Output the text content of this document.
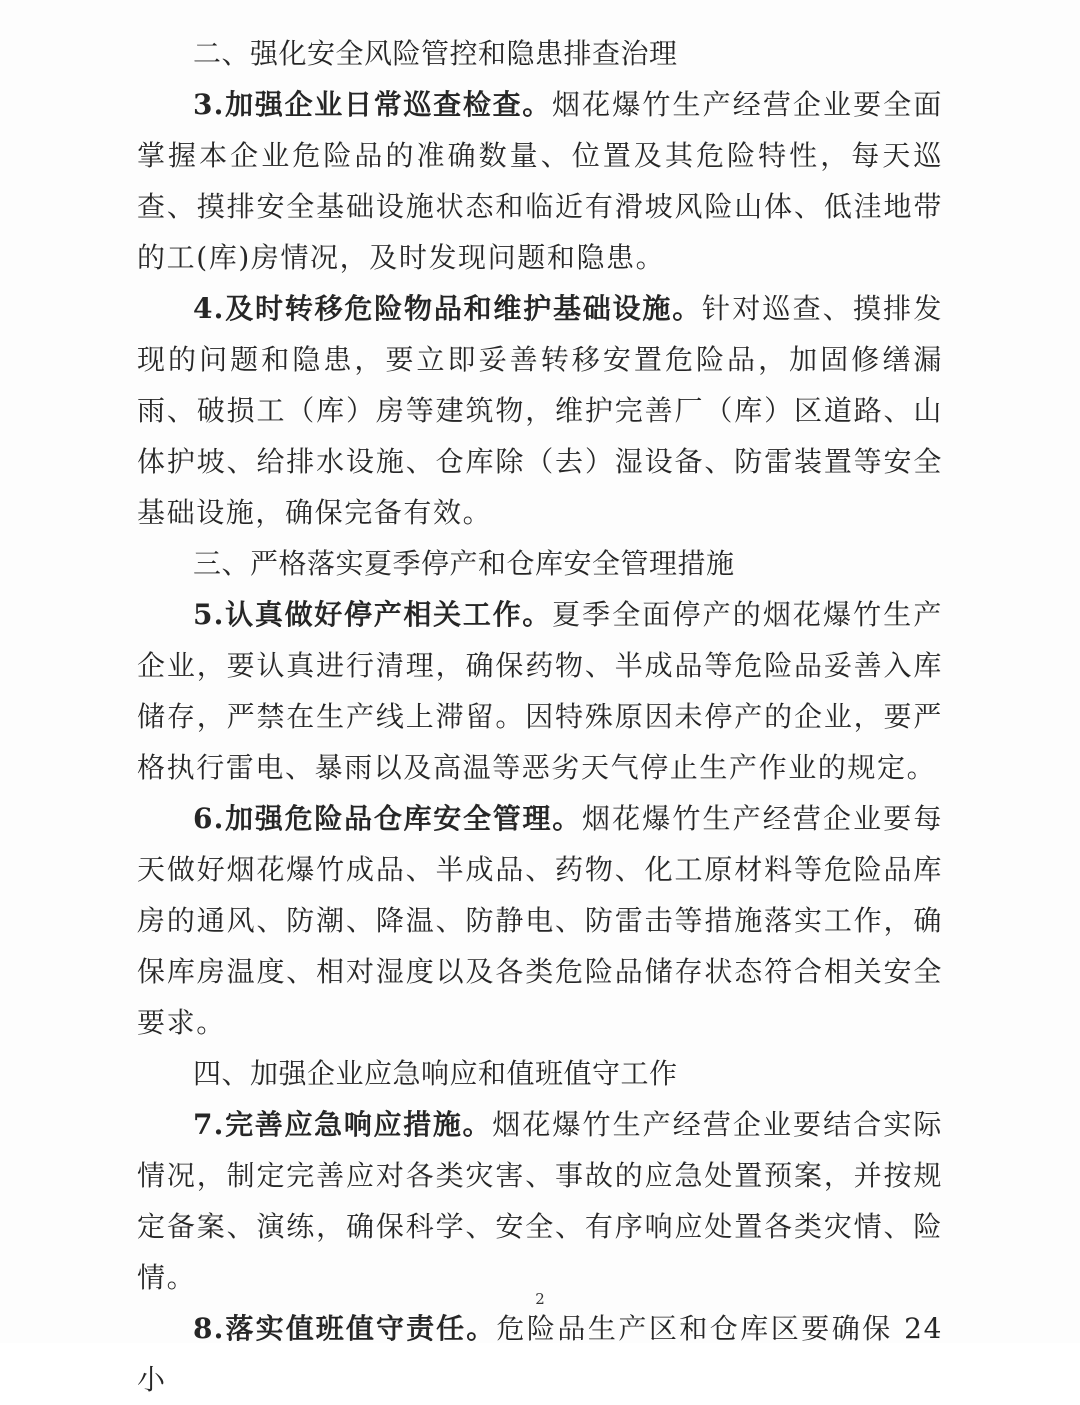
二、强化安全风险管控和隐患排查治理

3.加强企业日常巡查检查。烟花爆竹生产经营企业要全面掌握本企业危险品的准确数量、位置及其危险特性，每天巡查、摸排安全基础设施状态和临近有滑坡风险山体、低洼地带的工(库)房情况，及时发现问题和隐患。

4.及时转移危险物品和维护基础设施。针对巡查、摸排发现的问题和隐患，要立即妥善转移安置危险品，加固修缮漏雨、破损工（库）房等建筑物，维护完善厂（库）区道路、山体护坡、给排水设施、仓库除（去）湿设备、防雷装置等安全基础设施，确保完备有效。

三、严格落实夏季停产和仓库安全管理措施

5.认真做好停产相关工作。夏季全面停产的烟花爆竹生产企业，要认真进行清理，确保药物、半成品等危险品妥善入库储存，严禁在生产线上滞留。因特殊原因未停产的企业，要严格执行雷电、暴雨以及高温等恶劣天气停止生产作业的规定。

6.加强危险品仓库安全管理。烟花爆竹生产经营企业要每天做好烟花爆竹成品、半成品、药物、化工原材料等危险品库房的通风、防潮、降温、防静电、防雷击等措施落实工作，确保库房温度、相对湿度以及各类危险品储存状态符合相关安全要求。

四、加强企业应急响应和值班值守工作

7.完善应急响应措施。烟花爆竹生产经营企业要结合实际情况，制定完善应对各类灾害、事故的应急处置预案，并按规定备案、演练，确保科学、安全、有序响应处置各类灾情、险情。

8.落实值班值守责任。危险品生产区和仓库区要确保 24 小

2
